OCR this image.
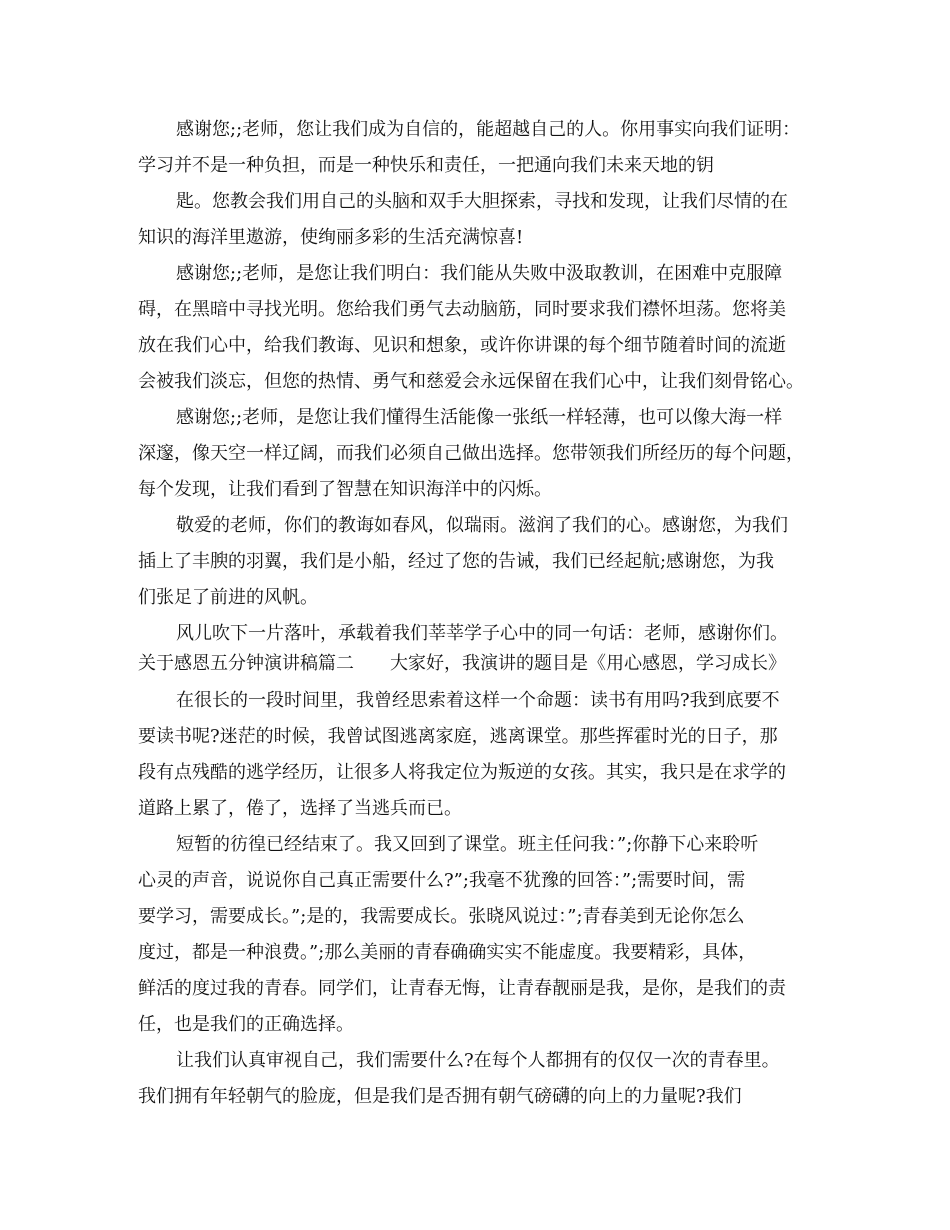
感谢您;;老师，您让我们成为自信的，能超越自己的人。你用事实向我们证明：

学习并不是一种负担，而是一种快乐和责任，一把通向我们未来天地的钥

匙。您教会我们用自己的头脑和双手大胆探索，寻找和发现，让我们尽情的在

知识的海洋里遨游，使绚丽多彩的生活充满惊喜!

感谢您;;老师，是您让我们明白：我们能从失败中汲取教训，在困难中克服障

碍，在黑暗中寻找光明。您给我们勇气去动脑筋，同时要求我们襟怀坦荡。您将美

放在我们心中，给我们教诲、见识和想象，或许你讲课的每个细节随着时间的流逝

会被我们淡忘，但您的热情、勇气和慈爱会永远保留在我们心中，让我们刻骨铭心。

感谢您;;老师，是您让我们懂得生活能像一张纸一样轻薄，也可以像大海一样

深邃，像天空一样辽阔，而我们必须自己做出选择。您带领我们所经历的每个问题，

每个发现，让我们看到了智慧在知识海洋中的闪烁。

敬爱的老师，你们的教诲如春风，似瑞雨。滋润了我们的心。感谢您，为我们

插上了丰腴的羽翼，我们是小船，经过了您的告诫，我们已经起航;感谢您，为我

们张足了前进的风帆。

风儿吹下一片落叶，承载着我们莘莘学子心中的同一句话：老师，感谢你们。

关于感恩五分钟演讲稿篇二　　大家好，我演讲的题目是《用心感恩，学习成长》

在很长的一段时间里，我曾经思索着这样一个命题：读书有用吗?我到底要不

要读书呢?迷茫的时候，我曾试图逃离家庭，逃离课堂。那些挥霍时光的日子，那

段有点残酷的逃学经历，让很多人将我定位为叛逆的女孩。其实，我只是在求学的

道路上累了，倦了，选择了当逃兵而已。

短暂的彷徨已经结束了。我又回到了课堂。班主任问我：”;你静下心来聆听

心灵的声音，说说你自己真正需要什么?”;我毫不犹豫的回答：”;需要时间，需

要学习，需要成长。”;是的，我需要成长。张晓风说过：”;青春美到无论你怎么

度过，都是一种浪费。”;那么美丽的青春确确实实不能虚度。我要精彩，具体，

鲜活的度过我的青春。同学们，让青春无悔，让青春靓丽是我，是你，是我们的责

任，也是我们的正确选择。

让我们认真审视自己，我们需要什么?在每个人都拥有的仅仅一次的青春里。

我们拥有年轻朝气的脸庞，但是我们是否拥有朝气磅礴的向上的力量呢?我们
